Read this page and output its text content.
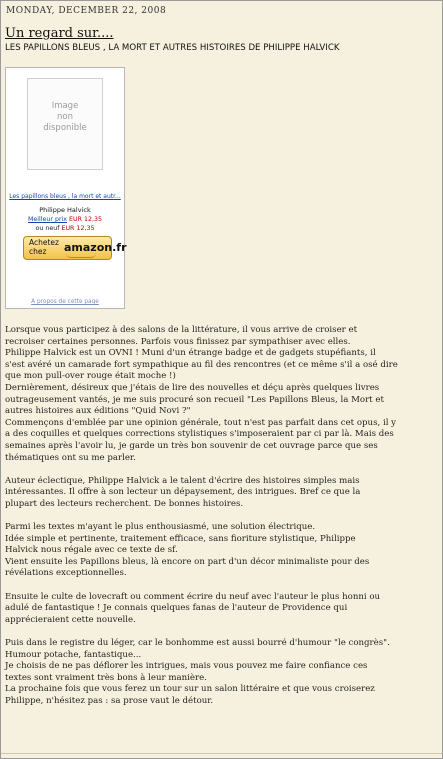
MONDAY, DECEMBER 22, 2008
Un regard sur....
LES PAPILLONS BLEUS , LA MORT ET AUTRES HISTOIRES DE PHILIPPE HALVICK
Image
non
disponible
Les papillons bleus , la mort et autr...
Philippe Halvick
Meilleur prix EUR 12,35
ou neuf EUR 12,35
Achetez
chez amazon.fr
A propos de cette page

Lorsque vous participez à des salons de la littérature, il vous arrive de croiser et

recroiser certaines personnes. Parfois vous finissez par sympathiser avec elles.

Philippe Halvick est un OVNI ! Muni d'un étrange badge et de gadgets stupéfiants, il

s'est avéré un camarade fort sympathique au fil des rencontres (et ce même s'il a osé dire

que mon pull-over rouge était moche !)

Dernièrement, désireux que j'étais de lire des nouvelles et déçu après quelques livres

outrageusement vantés, je me suis procuré son recueil "Les Papillons Bleus, la Mort et

autres histoires aux éditions "Quid Novi ?"

Commençons d'emblée par une opinion générale, tout n'est pas parfait dans cet opus, il y

a des coquilles et quelques corrections stylistiques s'imposeraient par ci par là. Mais des

semaines après l'avoir lu, je garde un très bon souvenir de cet ouvrage parce que ses

thématiques ont su me parler.

Auteur éclectique, Philippe Halvick a le talent d'écrire des histoires simples mais

intéressantes. Il offre à son lecteur un dépaysement, des intrigues. Bref ce que la

plupart des lecteurs recherchent. De bonnes histoires.

Parmi les textes m'ayant le plus enthousiasmé, une solution électrique.

Idée simple et pertinente, traitement efficace, sans fioriture stylistique, Philippe

Halvick nous régale avec ce texte de sf.

Vient ensuite les Papillons bleus, là encore on part d'un décor minimaliste pour des

révélations exceptionnelles.

Ensuite le culte de lovecraft ou comment écrire du neuf avec l'auteur le plus honni ou

adulé de fantastique ! Je connais quelques fanas de l'auteur de Providence qui

apprécieraient cette nouvelle.

Puis dans le registre du léger, car le bonhomme est aussi bourré d'humour "le congrès".

Humour potache, fantastique...

Je choisis de ne pas déflorer les intrigues, mais vous pouvez me faire confiance ces

textes sont vraiment très bons à leur manière.

La prochaine fois que vous ferez un tour sur un salon littéraire et que vous croiserez

Philippe, n'hésitez pas : sa prose vaut le détour.
